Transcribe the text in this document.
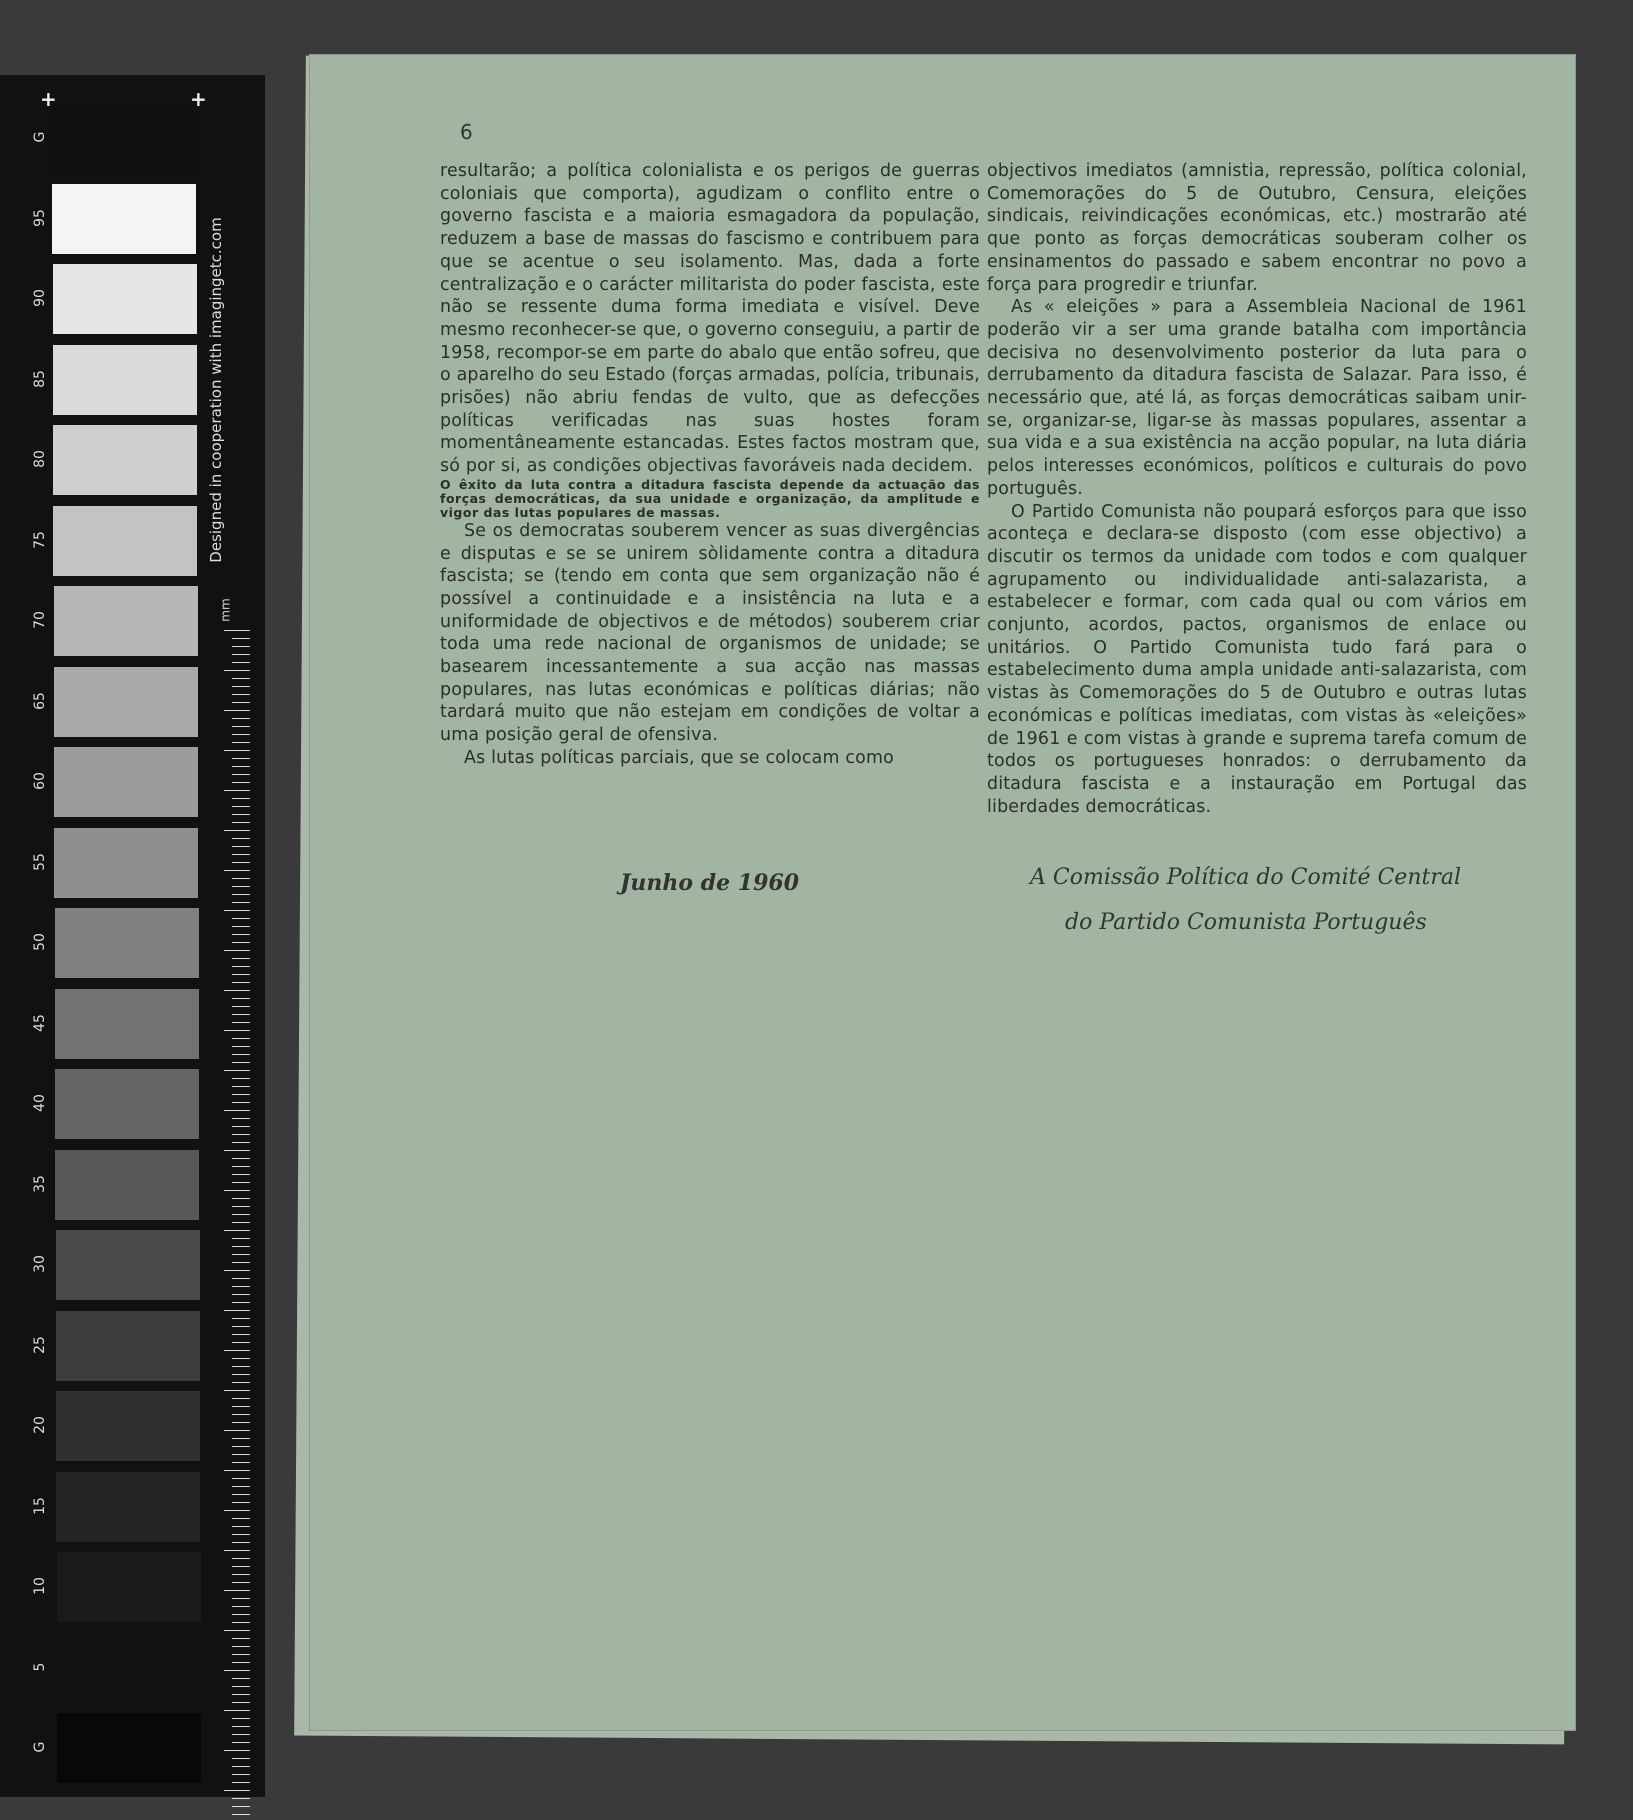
G
95
90
85
80
75
70
65
60
55
50
45
40
35
30
25
20
15
10
5
G
+	+
Designed in cooperation with imagingetc.com
mm
6

resultarão; a política colonialista e os perigos de guerras coloniais que comporta), agudizam o conflito entre o governo fascista e a maioria esmagadora da população, reduzem a base de massas do fascismo e contribuem para que se acentue o seu isolamento. Mas, dada a forte centralização e o carácter militarista do poder fascista, este não se ressente duma forma imediata e visível. Deve mesmo reconhecer-se que, o governo conseguiu, a partir de 1958, recompor-se em parte do abalo que então sofreu, que o aparelho do seu Estado (forças armadas, polícia, tribunais, prisões) não abriu fendas de vulto, que as defecções políticas verificadas nas suas hostes foram momentâneamente estancadas. Estes factos mostram que, só por si, as condições objectivas favoráveis nada decidem.

O êxito da luta contra a ditadura fascista depende da actuação das forças democráticas, da sua unidade e organização, da amplitude e vigor das lutas populares de massas.

Se os democratas souberem vencer as suas divergências e disputas e se se unirem sòlidamente contra a ditadura fascista; se (tendo em conta que sem organização não é possível a continuidade e a insistência na luta e a uniformidade de objectivos e de métodos) souberem criar toda uma rede nacional de organismos de unidade; se basearem incessantemente a sua acção nas massas populares, nas lutas económicas e políticas diárias; não tardará muito que não estejam em condições de voltar a uma posição geral de ofensiva.

As lutas políticas parciais, que se colocam como

objectivos imediatos (amnistia, repressão, política colonial, Comemorações do 5 de Outubro, Censura, eleições sindicais, reivindicações económicas, etc.) mostrarão até que ponto as forças democráticas souberam colher os ensinamentos do passado e sabem encontrar no povo a força para progredir e triunfar.

As « eleições » para a Assembleia Nacional de 1961 poderão vir a ser uma grande batalha com importância decisiva no desenvolvimento posterior da luta para o derrubamento da ditadura fascista de Salazar. Para isso, é necessário que, até lá, as forças democráticas saibam unir-se, organizar-se, ligar-se às massas populares, assentar a sua vida e a sua existência na acção popular, na luta diária pelos interesses económicos, políticos e culturais do povo português.

O Partido Comunista não poupará esforços para que isso aconteça e declara-se disposto (com esse objectivo) a discutir os termos da unidade com todos e com qualquer agrupamento ou individualidade anti-salazarista, a estabelecer e formar, com cada qual ou com vários em conjunto, acordos, pactos, organismos de enlace ou unitários. O Partido Comunista tudo fará para o estabelecimento duma ampla unidade anti-salazarista, com vistas às Comemorações do 5 de Outubro e outras lutas económicas e políticas imediatas, com vistas às «eleições» de 1961 e com vistas à grande e suprema tarefa comum de todos os portugueses honrados: o derrubamento da ditadura fascista e a instauração em Portugal das liberdades democráticas.

Junho de 1960	A Comissão Política do Comité Central
do Partido Comunista Português
